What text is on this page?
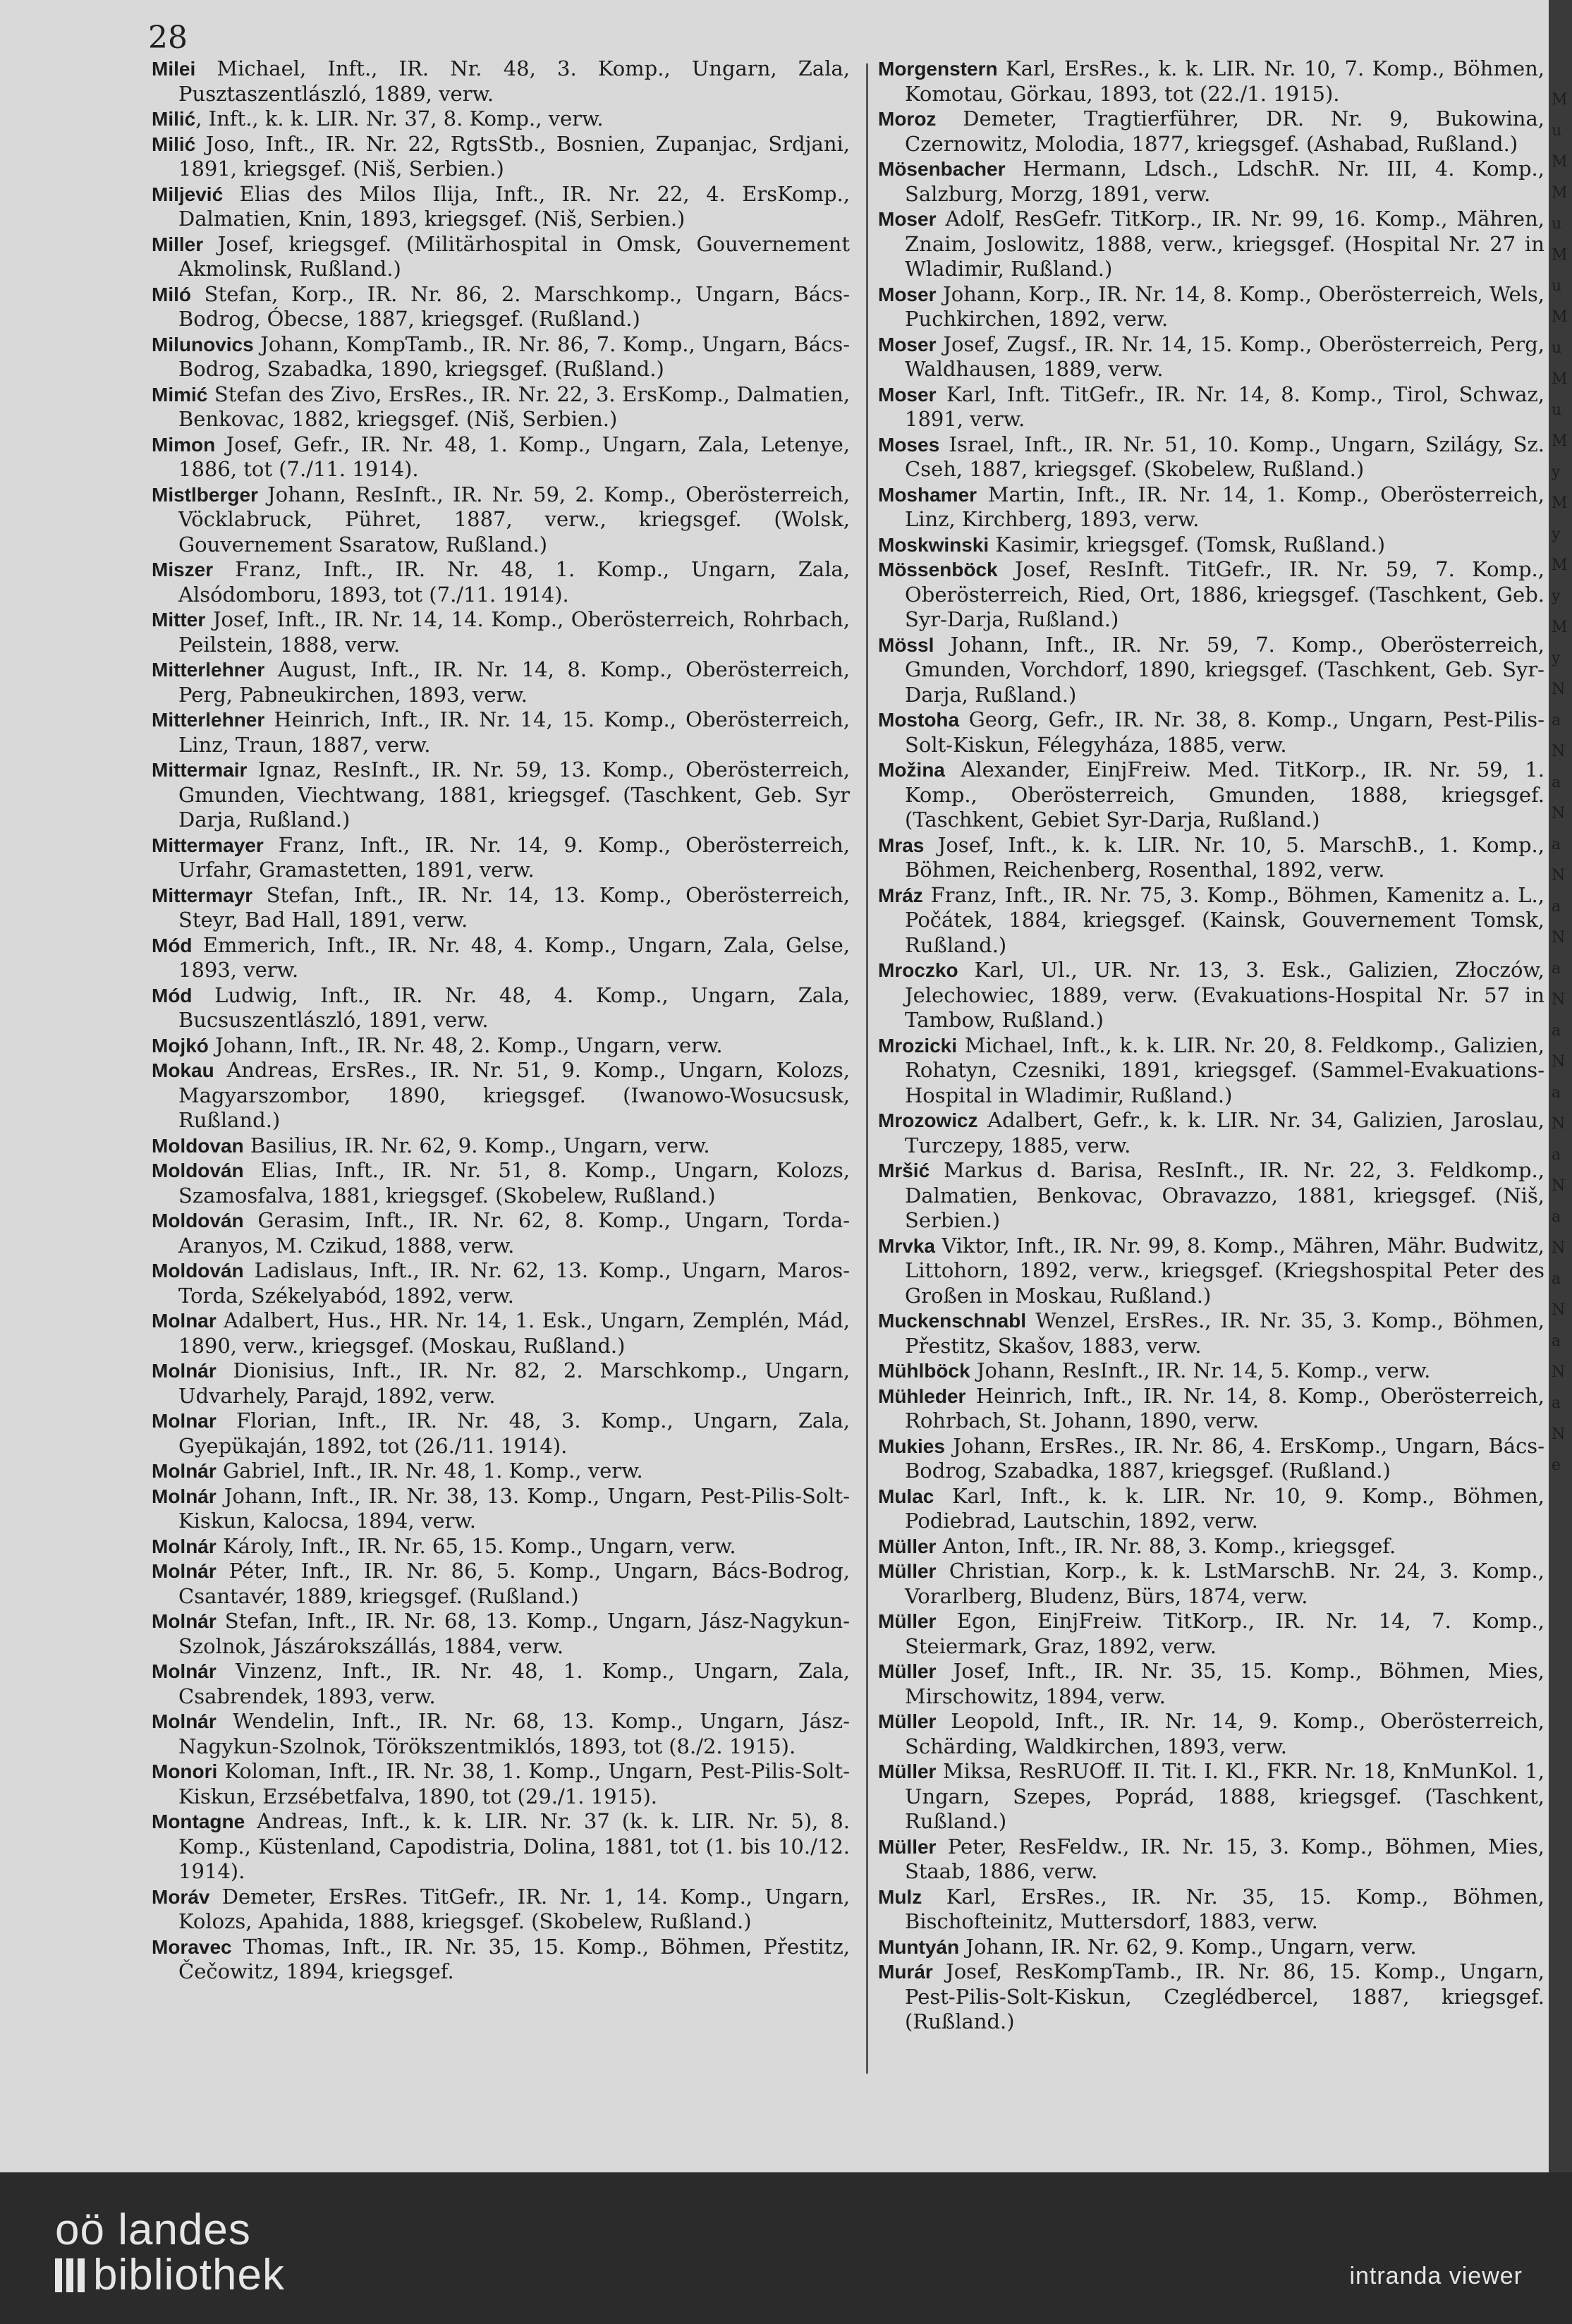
28

Milei Michael, Inft., IR. Nr. 48, 3. Komp., Ungarn, Zala, Pusztaszentlászló, 1889, verw.

Milić, Inft., k. k. LIR. Nr. 37, 8. Komp., verw.

Milić Joso, Inft., IR. Nr. 22, RgtsStb., Bosnien, Zupanjac, Srdjani, 1891, kriegsgef. (Niš, Serbien.)

Miljević Elias des Milos Ilija, Inft., IR. Nr. 22, 4. ErsKomp., Dalmatien, Knin, 1893, kriegsgef. (Niš, Serbien.)

Miller Josef, kriegsgef. (Militärhospital in Omsk, Gouvernement Akmolinsk, Rußland.)

Miló Stefan, Korp., IR. Nr. 86, 2. Marschkomp., Ungarn, Bács-Bodrog, Óbecse, 1887, kriegsgef. (Rußland.)

Milunovics Johann, KompTamb., IR. Nr. 86, 7. Komp., Ungarn, Bács-Bodrog, Szabadka, 1890, kriegsgef. (Rußland.)

Mimić Stefan des Zivo, ErsRes., IR. Nr. 22, 3. ErsKomp., Dalmatien, Benkovac, 1882, kriegsgef. (Niš, Serbien.)

Mimon Josef, Gefr., IR. Nr. 48, 1. Komp., Ungarn, Zala, Letenye, 1886, tot (7./11. 1914).

Mistlberger Johann, ResInft., IR. Nr. 59, 2. Komp., Oberösterreich, Vöcklabruck, Pühret, 1887, verw., kriegsgef. (Wolsk, Gouvernement Ssaratow, Rußland.)

Miszer Franz, Inft., IR. Nr. 48, 1. Komp., Ungarn, Zala, Alsódomboru, 1893, tot (7./11. 1914).

Mitter Josef, Inft., IR. Nr. 14, 14. Komp., Oberösterreich, Rohrbach, Peilstein, 1888, verw.

Mitterlehner August, Inft., IR. Nr. 14, 8. Komp., Oberösterreich, Perg, Pabneukirchen, 1893, verw.

Mitterlehner Heinrich, Inft., IR. Nr. 14, 15. Komp., Oberösterreich, Linz, Traun, 1887, verw.

Mittermair Ignaz, ResInft., IR. Nr. 59, 13. Komp., Oberösterreich, Gmunden, Viechtwang, 1881, kriegsgef. (Taschkent, Geb. Syr Darja, Rußland.)

Mittermayer Franz, Inft., IR. Nr. 14, 9. Komp., Oberösterreich, Urfahr, Gramastetten, 1891, verw.

Mittermayr Stefan, Inft., IR. Nr. 14, 13. Komp., Oberösterreich, Steyr, Bad Hall, 1891, verw.

Mód Emmerich, Inft., IR. Nr. 48, 4. Komp., Ungarn, Zala, Gelse, 1893, verw.

Mód Ludwig, Inft., IR. Nr. 48, 4. Komp., Ungarn, Zala, Bucsuszentlászló, 1891, verw.

Mojkó Johann, Inft., IR. Nr. 48, 2. Komp., Ungarn, verw.

Mokau Andreas, ErsRes., IR. Nr. 51, 9. Komp., Ungarn, Kolozs, Magyarszombor, 1890, kriegsgef. (Iwanowo-Wosucsusk, Rußland.)

Moldovan Basilius, IR. Nr. 62, 9. Komp., Ungarn, verw.

Moldován Elias, Inft., IR. Nr. 51, 8. Komp., Ungarn, Kolozs, Szamosfalva, 1881, kriegsgef. (Skobelew, Rußland.)

Moldován Gerasim, Inft., IR. Nr. 62, 8. Komp., Ungarn, Torda-Aranyos, M. Czikud, 1888, verw.

Moldován Ladislaus, Inft., IR. Nr. 62, 13. Komp., Ungarn, Maros-Torda, Székelyabód, 1892, verw.

Molnar Adalbert, Hus., HR. Nr. 14, 1. Esk., Ungarn, Zemplén, Mád, 1890, verw., kriegsgef. (Moskau, Rußland.)

Molnár Dionisius, Inft., IR. Nr. 82, 2. Marschkomp., Ungarn, Udvarhely, Parajd, 1892, verw.

Molnar Florian, Inft., IR. Nr. 48, 3. Komp., Ungarn, Zala, Gyepükaján, 1892, tot (26./11. 1914).

Molnár Gabriel, Inft., IR. Nr. 48, 1. Komp., verw.

Molnár Johann, Inft., IR. Nr. 38, 13. Komp., Ungarn, Pest-Pilis-Solt-Kiskun, Kalocsa, 1894, verw.

Molnár Károly, Inft., IR. Nr. 65, 15. Komp., Ungarn, verw.

Molnár Péter, Inft., IR. Nr. 86, 5. Komp., Ungarn, Bács-Bodrog, Csantavér, 1889, kriegsgef. (Rußland.)

Molnár Stefan, Inft., IR. Nr. 68, 13. Komp., Ungarn, Jász-Nagykun-Szolnok, Jászárokszállás, 1884, verw.

Molnár Vinzenz, Inft., IR. Nr. 48, 1. Komp., Ungarn, Zala, Csabrendek, 1893, verw.

Molnár Wendelin, Inft., IR. Nr. 68, 13. Komp., Ungarn, Jász-Nagykun-Szolnok, Törökszentmiklós, 1893, tot (8./2. 1915).

Monori Koloman, Inft., IR. Nr. 38, 1. Komp., Ungarn, Pest-Pilis-Solt-Kiskun, Erzsébetfalva, 1890, tot (29./1. 1915).

Montagne Andreas, Inft., k. k. LIR. Nr. 37 (k. k. LIR. Nr. 5), 8. Komp., Küstenland, Capodistria, Dolina, 1881, tot (1. bis 10./12. 1914).

Moráv Demeter, ErsRes. TitGefr., IR. Nr. 1, 14. Komp., Ungarn, Kolozs, Apahida, 1888, kriegsgef. (Skobelew, Rußland.)

Moravec Thomas, Inft., IR. Nr. 35, 15. Komp., Böhmen, Přestitz, Čečowitz, 1894, kriegsgef.

Morgenstern Karl, ErsRes., k. k. LIR. Nr. 10, 7. Komp., Böhmen, Komotau, Görkau, 1893, tot (22./1. 1915).

Moroz Demeter, Tragtierführer, DR. Nr. 9, Bukowina, Czernowitz, Molodia, 1877, kriegsgef. (Ashabad, Rußland.)

Mösenbacher Hermann, Ldsch., LdschR. Nr. III, 4. Komp., Salzburg, Morzg, 1891, verw.

Moser Adolf, ResGefr. TitKorp., IR. Nr. 99, 16. Komp., Mähren, Znaim, Joslowitz, 1888, verw., kriegsgef. (Hospital Nr. 27 in Wladimir, Rußland.)

Moser Johann, Korp., IR. Nr. 14, 8. Komp., Oberösterreich, Wels, Puchkirchen, 1892, verw.

Moser Josef, Zugsf., IR. Nr. 14, 15. Komp., Oberösterreich, Perg, Waldhausen, 1889, verw.

Moser Karl, Inft. TitGefr., IR. Nr. 14, 8. Komp., Tirol, Schwaz, 1891, verw.

Moses Israel, Inft., IR. Nr. 51, 10. Komp., Ungarn, Szilágy, Sz. Cseh, 1887, kriegsgef. (Skobelew, Rußland.)

Moshamer Martin, Inft., IR. Nr. 14, 1. Komp., Oberösterreich, Linz, Kirchberg, 1893, verw.

Moskwinski Kasimir, kriegsgef. (Tomsk, Rußland.)

Mössenböck Josef, ResInft. TitGefr., IR. Nr. 59, 7. Komp., Oberösterreich, Ried, Ort, 1886, kriegsgef. (Taschkent, Geb. Syr-Darja, Rußland.)

Mössl Johann, Inft., IR. Nr. 59, 7. Komp., Oberösterreich, Gmunden, Vorchdorf, 1890, kriegsgef. (Taschkent, Geb. Syr-Darja, Rußland.)

Mostoha Georg, Gefr., IR. Nr. 38, 8. Komp., Ungarn, Pest-Pilis-Solt-Kiskun, Félegyháza, 1885, verw.

Možina Alexander, EinjFreiw. Med. TitKorp., IR. Nr. 59, 1. Komp., Oberösterreich, Gmunden, 1888, kriegsgef. (Taschkent, Gebiet Syr-Darja, Rußland.)

Mras Josef, Inft., k. k. LIR. Nr. 10, 5. MarschB., 1. Komp., Böhmen, Reichenberg, Rosenthal, 1892, verw.

Mráz Franz, Inft., IR. Nr. 75, 3. Komp., Böhmen, Kamenitz a. L., Počátek, 1884, kriegsgef. (Kainsk, Gouvernement Tomsk, Rußland.)

Mroczko Karl, Ul., UR. Nr. 13, 3. Esk., Galizien, Złoczów, Jelechowiec, 1889, verw. (Evakuations-Hospital Nr. 57 in Tambow, Rußland.)

Mrozicki Michael, Inft., k. k. LIR. Nr. 20, 8. Feldkomp., Galizien, Rohatyn, Czesniki, 1891, kriegsgef. (Sammel-Evakuations-Hospital in Wladimir, Rußland.)

Mrozowicz Adalbert, Gefr., k. k. LIR. Nr. 34, Galizien, Jaroslau, Turczepy, 1885, verw.

Mršić Markus d. Barisa, ResInft., IR. Nr. 22, 3. Feldkomp., Dalmatien, Benkovac, Obravazzo, 1881, kriegsgef. (Niš, Serbien.)

Mrvka Viktor, Inft., IR. Nr. 99, 8. Komp., Mähren, Mähr. Budwitz, Littohorn, 1892, verw., kriegsgef. (Kriegshospital Peter des Großen in Moskau, Rußland.)

Muckenschnabl Wenzel, ErsRes., IR. Nr. 35, 3. Komp., Böhmen, Přestitz, Skašov, 1883, verw.

Mühlböck Johann, ResInft., IR. Nr. 14, 5. Komp., verw.

Mühleder Heinrich, Inft., IR. Nr. 14, 8. Komp., Oberösterreich, Rohrbach, St. Johann, 1890, verw.

Mukies Johann, ErsRes., IR. Nr. 86, 4. ErsKomp., Ungarn, Bács-Bodrog, Szabadka, 1887, kriegsgef. (Rußland.)

Mulac Karl, Inft., k. k. LIR. Nr. 10, 9. Komp., Böhmen, Podiebrad, Lautschin, 1892, verw.

Müller Anton, Inft., IR. Nr. 88, 3. Komp., kriegsgef.

Müller Christian, Korp., k. k. LstMarschB. Nr. 24, 3. Komp., Vorarlberg, Bludenz, Bürs, 1874, verw.

Müller Egon, EinjFreiw. TitKorp., IR. Nr. 14, 7. Komp., Steiermark, Graz, 1892, verw.

Müller Josef, Inft., IR. Nr. 35, 15. Komp., Böhmen, Mies, Mirschowitz, 1894, verw.

Müller Leopold, Inft., IR. Nr. 14, 9. Komp., Oberösterreich, Schärding, Waldkirchen, 1893, verw.

Müller Miksa, ResRUOff. II. Tit. I. Kl., FKR. Nr. 18, KnMunKol. 1, Ungarn, Szepes, Poprád, 1888, kriegsgef. (Taschkent, Rußland.)

Müller Peter, ResFeldw., IR. Nr. 15, 3. Komp., Böhmen, Mies, Staab, 1886, verw.

Mulz Karl, ErsRes., IR. Nr. 35, 15. Komp., Böhmen, Bischofteinitz, Muttersdorf, 1883, verw.

Muntyán Johann, IR. Nr. 62, 9. Komp., Ungarn, verw.

Murár Josef, ResKompTamb., IR. Nr. 86, 15. Komp., Ungarn, Pest-Pilis-Solt-Kiskun, Czeglédbercel, 1887, kriegsgef. (Rußland.)

MuMMuMuMuMuMyMyMyMyNaNaNaNaNaNaNaNaNaNaNaNaNe
oö landes
bibliothek	intranda viewer
